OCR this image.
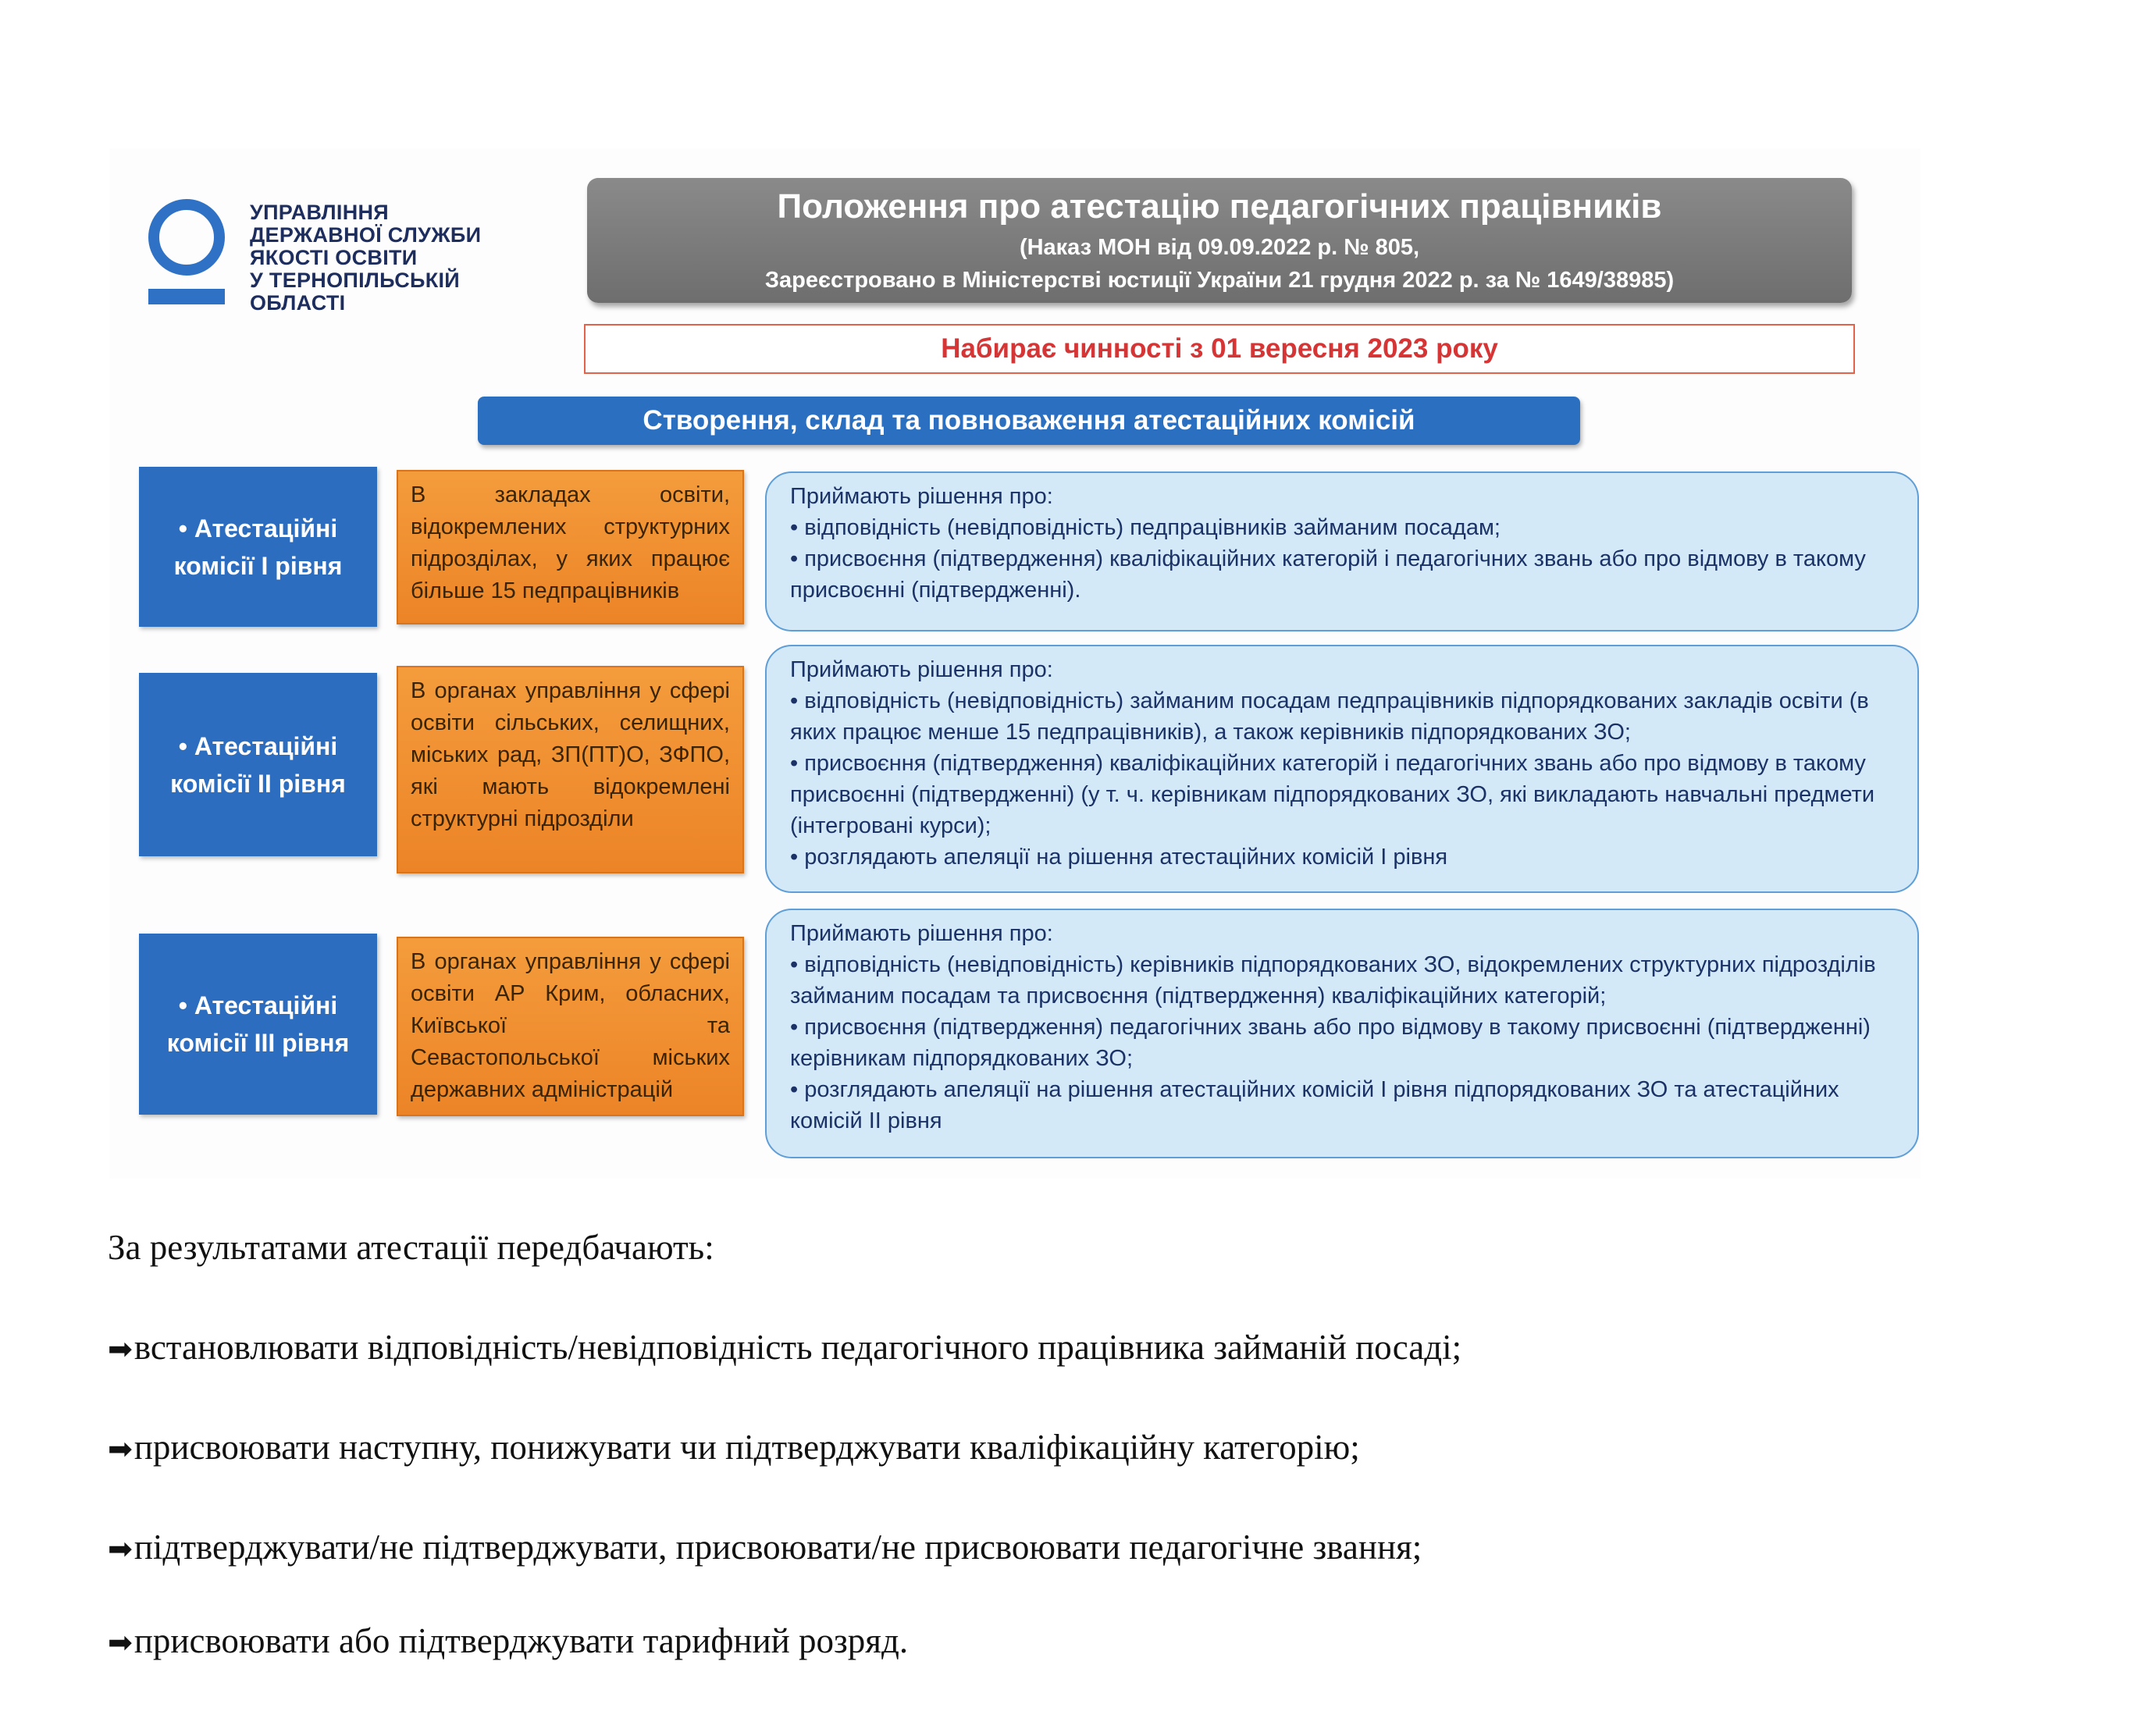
УПРАВЛІННЯ
ДЕРЖАВНОЇ СЛУЖБИ
ЯКОСТІ ОСВІТИ
У ТЕРНОПІЛЬСЬКІЙ
ОБЛАСТІ
Положення про атестацію педагогічних працівників
(Наказ МОН від 09.09.2022 р. № 805,
Зареєстровано в Міністерстві юстиції України 21 грудня 2022 р. за № 1649/38985)
Набирає чинності з 01 вересня 2023 року
Створення, склад та повноваження атестаційних комісій
• Атестаційні комісії І рівня
В закладах освіти, відокремлених структурних підрозділах, у яких працює більше 15 педпрацівників
Приймають рішення про:
• відповідність (невідповідність) педпрацівників займаним посадам;
• присвоєння (підтвердження) кваліфікаційних категорій і педагогічних звань або про відмову в такому присвоєнні (підтвердженні).
• Атестаційні комісії ІІ рівня
В органах управління у сфері освіти сільських, селищних, міських рад, ЗП(ПТ)О, ЗФПО, які мають відокремлені структурні підрозділи
Приймають рішення про:
• відповідність (невідповідність) займаним посадам педпрацівників підпорядкованих закладів освіти (в яких працює менше 15 педпрацівників), а також керівників підпорядкованих ЗО;
• присвоєння (підтвердження) кваліфікаційних категорій і педагогічних звань або про відмову в такому присвоєнні (підтвердженні) (у т. ч. керівникам підпорядкованих ЗО, які викладають навчальні предмети (інтегровані курси);
• розглядають апеляції на рішення атестаційних комісій І рівня
• Атестаційні комісії ІІІ рівня
В органах управління у сфері освіти АР Крим, обласних, Київської та Севастопольської міських державних адміністрацій
Приймають рішення про:
• відповідність (невідповідність) керівників підпорядкованих ЗО, відокремлених структурних підрозділів займаним посадам та присвоєння (підтвердження) кваліфікаційних категорій;
• присвоєння (підтвердження) педагогічних звань або про відмову в такому присвоєнні (підтвердженні) керівникам підпорядкованих ЗО;
• розглядають апеляції на рішення атестаційних комісій І рівня підпорядкованих ЗО та атестаційних комісій ІІ рівня
За результатами атестації передбачають:
➡встановлювати відповідність/невідповідність педагогічного працівника займаній посаді;
➡присвоювати наступну, понижувати чи підтверджувати кваліфікаційну категорію;
➡підтверджувати/не підтверджувати, присвоювати/не присвоювати педагогічне звання;
➡присвоювати або підтверджувати тарифний розряд.
